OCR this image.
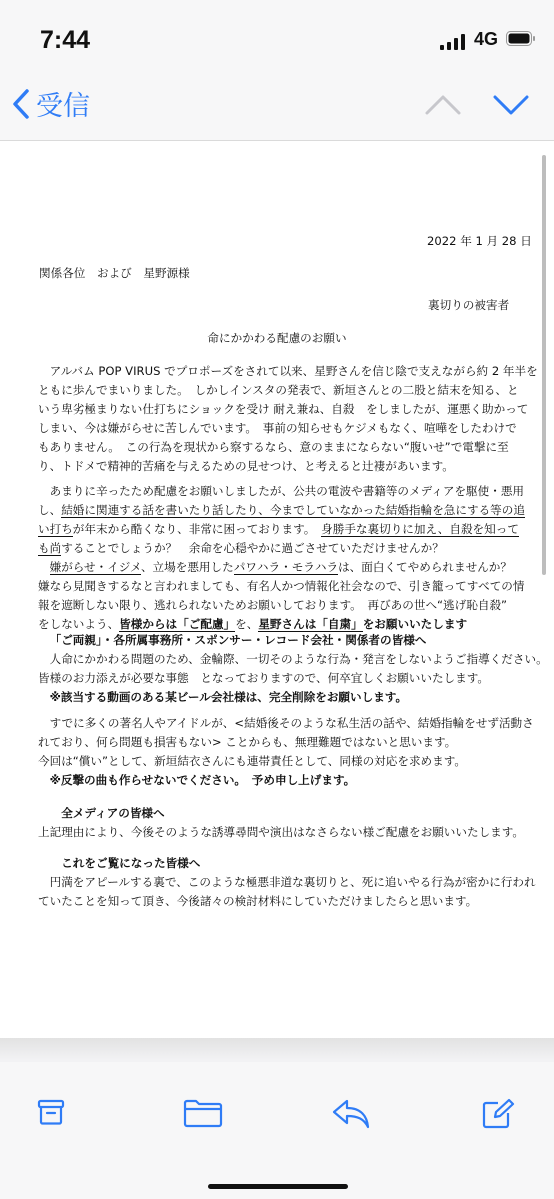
7:44	4G
受信
2022 年 1 月 28 日
関係各位　および　星野源様
裏切りの被害者
命にかかわる配慮のお願い
アルバム POP VIRUS でプロポーズをされて以来、星野さんを信じ陰で支えながら約 2 年半を
ともに歩んでまいりました。　しかしインスタの発表で、新垣さんとの二股と結末を知る、と
いう卑劣極まりない仕打ちにショックを受け 耐え兼ね、自殺　をしましたが、運悪く助かって
しまい、今は嫌がらせに苦しんでいます。　事前の知らせもケジメもなく、喧嘩をしたわけで
もありません。　この行為を現状から察するなら、意のままにならない“腹いせ”で電撃に至
り、トドメで精神的苦痛を与えるための見せつけ、と考えると辻褄があいます。
あまりに辛ったため配慮をお願いしましたが、公共の電波や書籍等のメディアを駆使・悪用
し、結婚に関連する話を書いたり話したり、今までしていなかった結婚指輪を急にする等の追
い打ちが年末から酷くなり、非常に困っております。　身勝手な裏切りに加え、自殺を知って
も尚することでしょうか？　余命を心穏やかに過ごさせていただけませんか？
嫌がらせ・イジメ、立場を悪用したパワハラ・モラハラは、面白くてやめられませんか？
嫌なら見聞きするなと言われましても、有名人かつ情報化社会なので、引き籠ってすべての情
報を遮断しない限り、逃れられないためお願いしております。　再びあの世へ“逃げ恥自殺”
をしないよう、皆様からは「ご配慮」を、星野さんは「自粛」をお願いいたします
「ご両親」・各所属事務所・スポンサー・レコード会社・関係者の皆様へ
人命にかかわる問題のため、金輪際、一切そのような行為・発言をしないようご指導ください。
皆様のお力添えが必要な事態　となっておりますので、何卒宜しくお願いいたします。
※該当する動画のある某ビール会社様は、完全削除をお願いします。
すでに多くの著名人やアイドルが、<結婚後そのような私生活の話や、結婚指輪をせず活動さ
れており、何ら問題も損害もない> ことからも、無理難題ではないと思います。
今回は“償い”として、新垣結衣さんにも連帯責任として、同様の対応を求めます。
※反撃の曲も作らせないでください。　予め申し上げます。
全メディアの皆様へ
上記理由により、今後そのような誘導尋問や演出はなさらない様ご配慮をお願いいたします。
これをご覧になった皆様へ
円満をアピールする裏で、このような極悪非道な裏切りと、死に追いやる行為が密かに行われ
ていたことを知って頂き、今後諸々の検討材料にしていただけましたらと思います。
